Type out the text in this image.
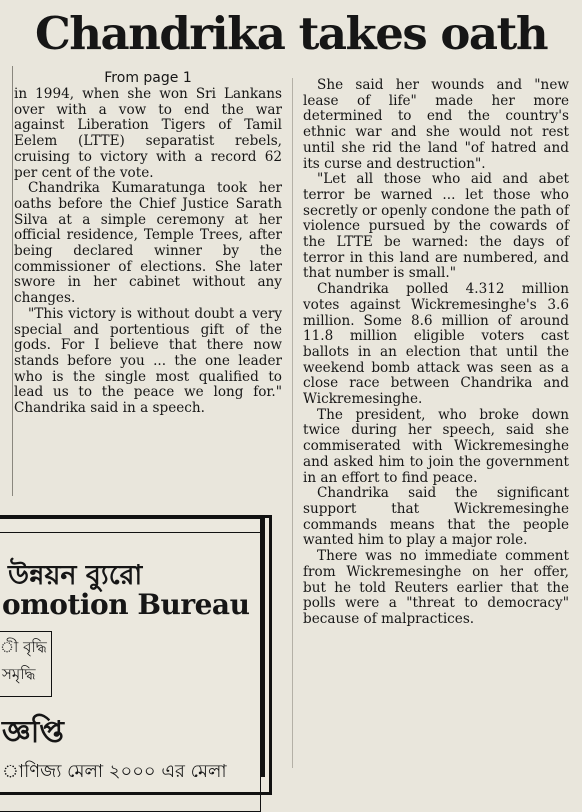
Chandrika takes oath

From page 1

in 1994, when she won Sri Lankans over with a vow to end the war against Liberation Tigers of Tamil Eelem (LTTE) separatist rebels, cruising to victory with a record 62 per cent of the vote.

Chandrika Kumaratunga took her oaths before the Chief Justice Sarath Silva at a simple ceremony at her official residence, Temple Trees, after being declared winner by the commissioner of elections. She later swore in her cabinet without any changes.

"This victory is without doubt a very special and portentious gift of the gods. For I believe that there now stands before you ... the one leader who is the single most qualified to lead us to the peace we long for." Chandrika said in a speech.

She said her wounds and "new lease of life" made her more determined to end the country's ethnic war and she would not rest until she rid the land "of hatred and its curse and destruction".

"Let all those who aid and abet terror be warned ... let those who secretly or openly condone the path of violence pursued by the cowards of the LTTE be warned: the days of terror in this land are numbered, and that number is small."

Chandrika polled 4.312 million votes against Wickremesinghe's 3.6 million. Some 8.6 million of around 11.8 million eligible voters cast ballots in an election that until the weekend bomb attack was seen as a close race between Chandrika and Wickremesinghe.

The president, who broke down twice during her speech, said she commiserated with Wickremesinghe and asked him to join the government in an effort to find peace.

Chandrika said the significant support that Wickremesinghe commands means that the people wanted him to play a major role.

There was no immediate comment from Wickremesinghe on her offer, but he told Reuters earlier that the polls were a "threat to democracy" because of malpractices.

উন্নয়ন ব্যুরো
omotion Bureau
ী বৃদ্ধি
সমৃদ্ধি
জ্ঞপ্তি
াণিজ্য মেলা ২০০০ এর মেলা
